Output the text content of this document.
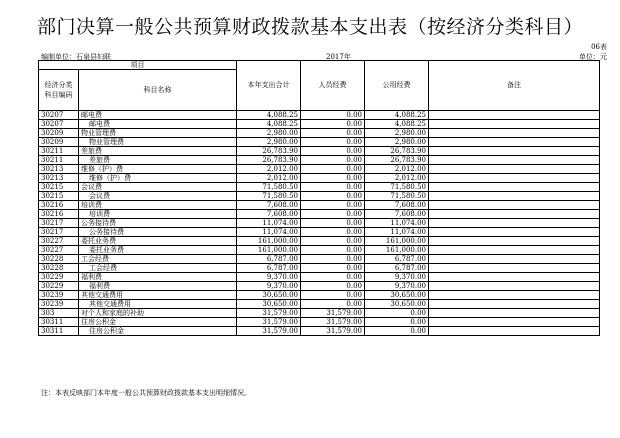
部门决算一般公共预算财政拨款基本支出表（按经济分类科目）
06表
编制单位：石泉县妇联	2017年	单位：元
项目		本年支出合计	人员经费	公用经费	备注
经济分类科目编码	科目名称				

30207	邮电费	4,088.25	0.00	4,088.25	
30207	邮电费	4,088.25	0.00	4,088.25	
30209	物业管理费	2,980.00	0.00	2,980.00	
30209	物业管理费	2,980.00	0.00	2,980.00	
30211	差旅费	26,783.90	0.00	26,783.90	
30211	差旅费	26,783.90	0.00	26,783.90	
30213	维修（护）费	2,012.00	0.00	2,012.00	
30213	维修（护）费	2,012.00	0.00	2,012.00	
30215	会议费	71,580.50	0.00	71,580.50	
30215	会议费	71,580.50	0.00	71,580.50	
30216	培训费	7,608.00	0.00	7,608.00	
30216	培训费	7,608.00	0.00	7,608.00	
30217	公务接待费	11,074.00	0.00	11,074.00	
30217	公务接待费	11,074.00	0.00	11,074.00	
30227	委托业务费	161,000.00	0.00	161,000.00	
30227	委托业务费	161,000.00	0.00	161,000.00	
30228	工会经费	6,787.00	0.00	6,787.00	
30228	工会经费	6,787.00	0.00	6,787.00	
30229	福利费	9,370.00	0.00	9,370.00	
30229	福利费	9,370.00	0.00	9,370.00	
30239	其他交通费用	30,650.00	0.00	30,650.00	
30239	其他交通费用	30,650.00	0.00	30,650.00	
303	对个人和家庭的补助	31,579.00	31,579.00	0.00	
30311	住房公积金	31,579.00	31,579.00	0.00	
30311	住房公积金	31,579.00	31,579.00	0.00	
注：本表反映部门本年度一般公共预算财政拨款基本支出明细情况。
